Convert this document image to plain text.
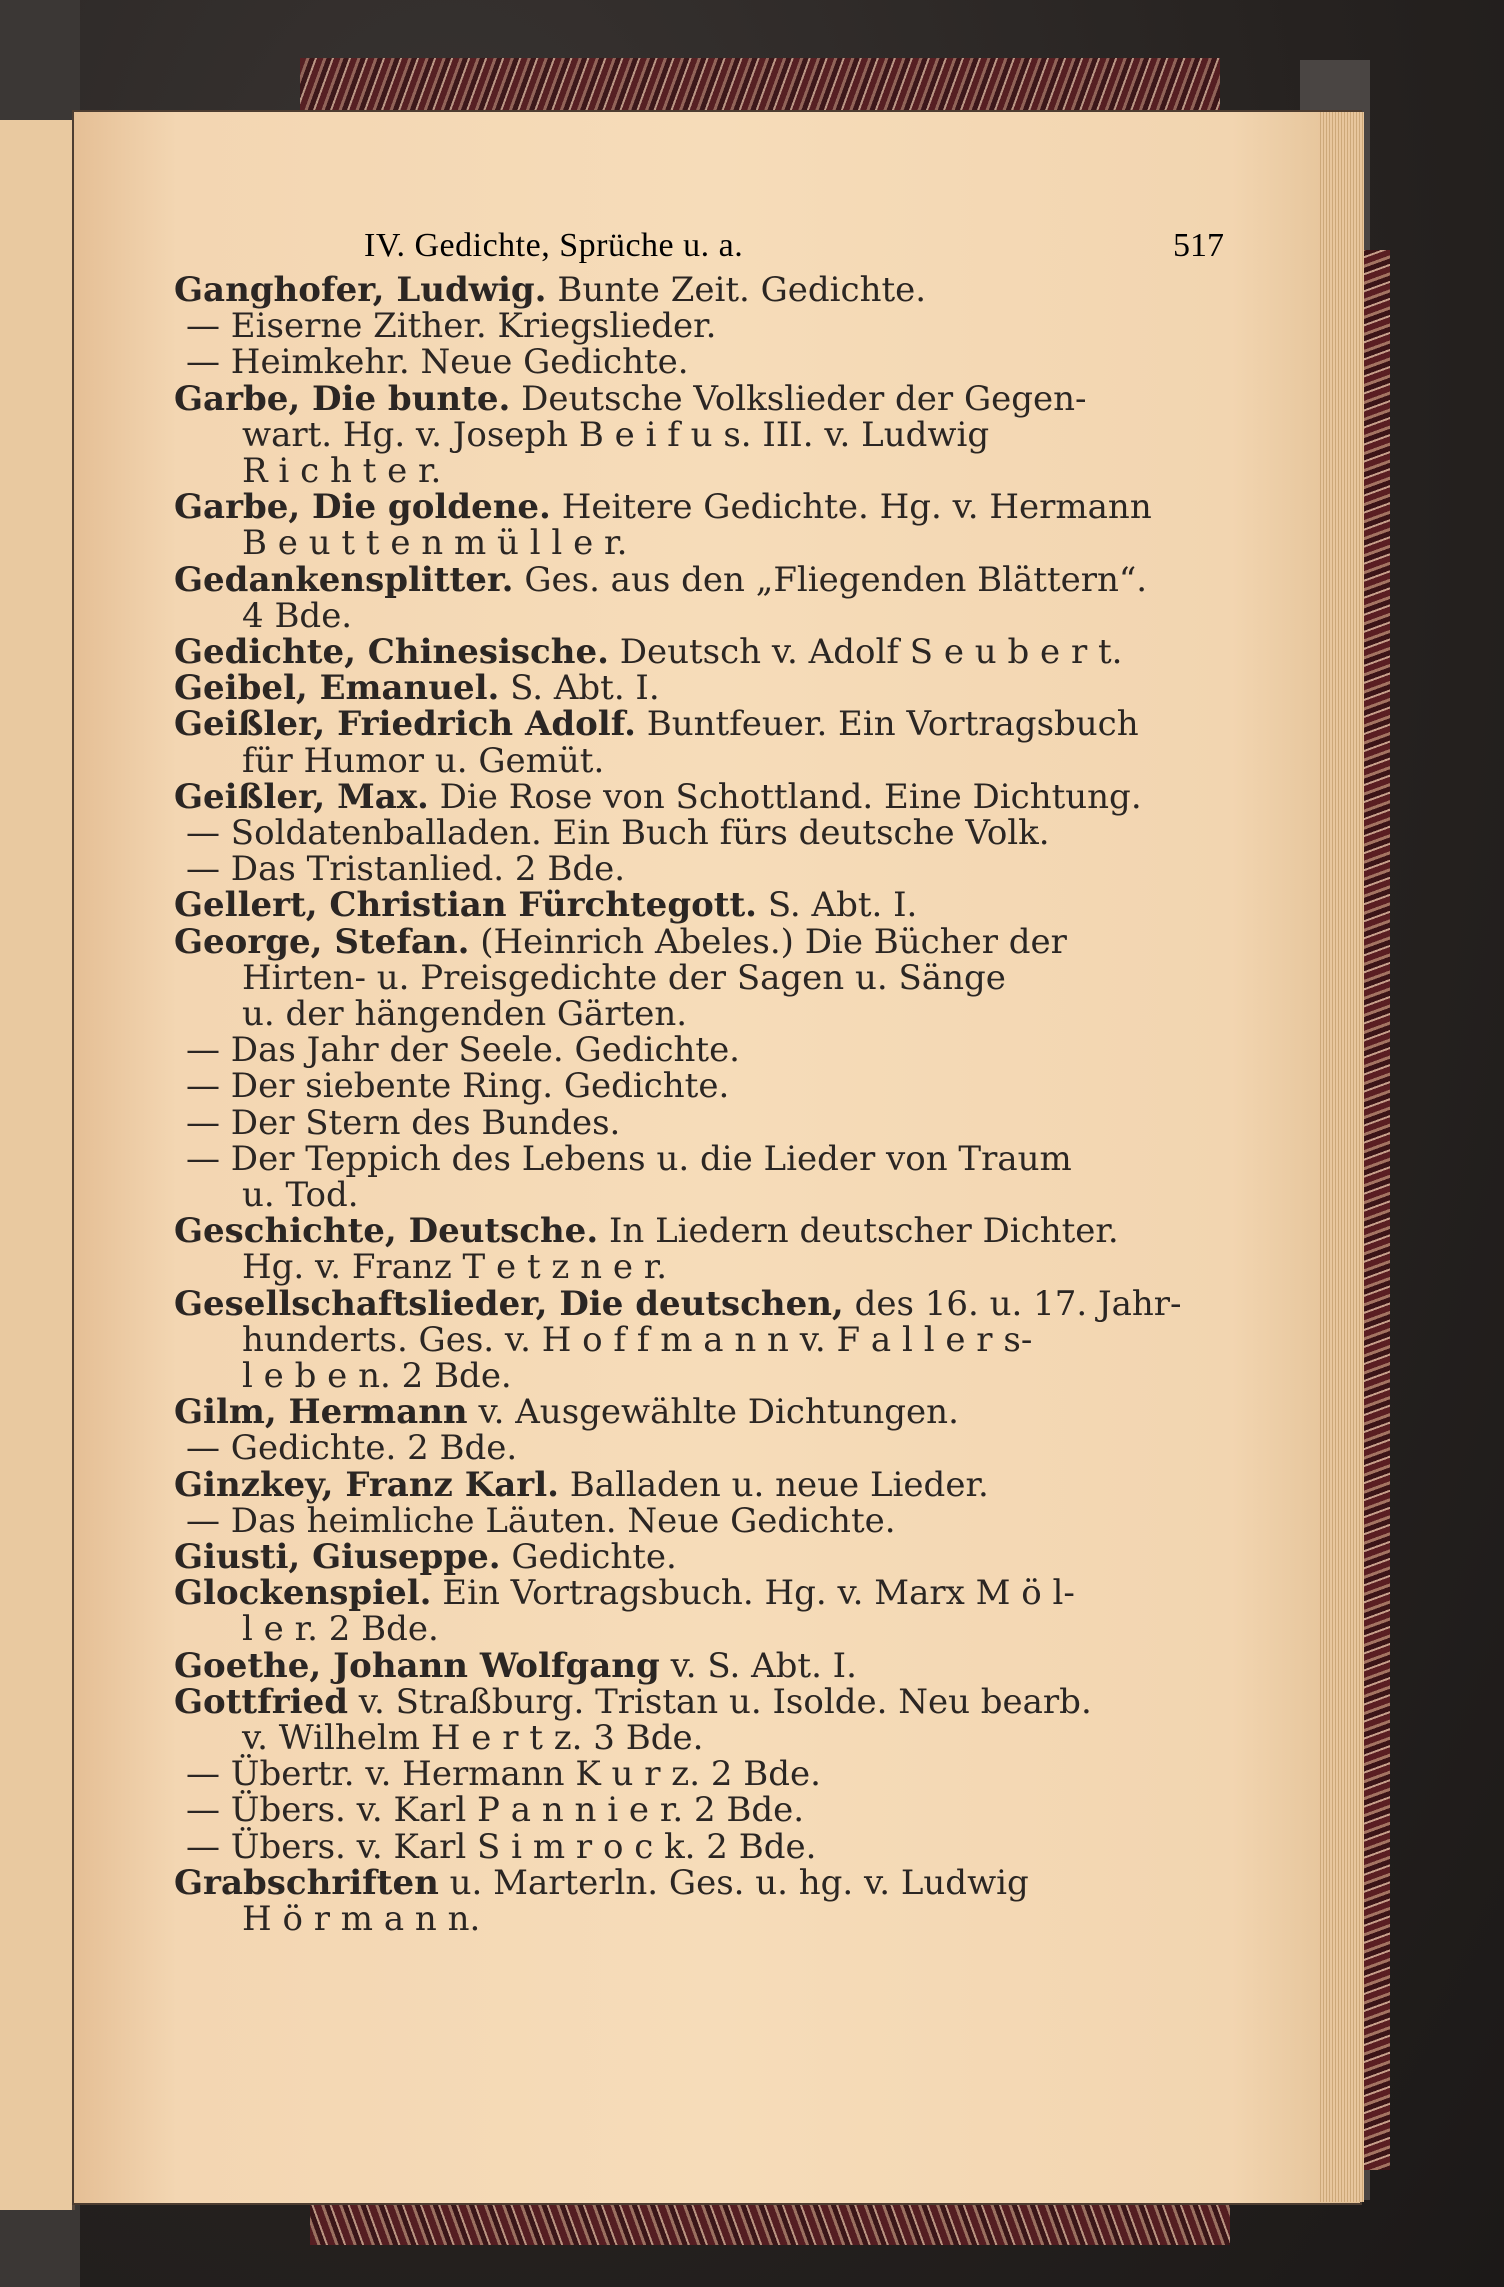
IV. Gedichte, Sprüche u. a.	517
Ganghofer, Ludwig. Bunte Zeit. Gedichte.
— Eiserne Zither. Kriegslieder.
— Heimkehr. Neue Gedichte.
Garbe, Die bunte. Deutsche Volkslieder der Gegen-
wart. Hg. v. Joseph B e i f u s. III. v. Ludwig
R i c h t e r.
Garbe, Die goldene. Heitere Gedichte. Hg. v. Hermann
B e u t t e n m ü l l e r.
Gedankensplitter. Ges. aus den „Fliegenden Blättern“.
4 Bde.
Gedichte, Chinesische. Deutsch v. Adolf S e u b e r t.
Geibel, Emanuel. S. Abt. I.
Geißler, Friedrich Adolf. Buntfeuer. Ein Vortragsbuch
für Humor u. Gemüt.
Geißler, Max. Die Rose von Schottland. Eine Dichtung.
— Soldatenballaden. Ein Buch fürs deutsche Volk.
— Das Tristanlied. 2 Bde.
Gellert, Christian Fürchtegott. S. Abt. I.
George, Stefan. (Heinrich Abeles.) Die Bücher der
Hirten- u. Preisgedichte der Sagen u. Sänge
u. der hängenden Gärten.
— Das Jahr der Seele. Gedichte.
— Der siebente Ring. Gedichte.
— Der Stern des Bundes.
— Der Teppich des Lebens u. die Lieder von Traum
u. Tod.
Geschichte, Deutsche. In Liedern deutscher Dichter.
Hg. v. Franz T e t z n e r.
Gesellschaftslieder, Die deutschen, des 16. u. 17. Jahr-
hunderts. Ges. v. H o f f m a n n v. F a l l e r s-
l e b e n. 2 Bde.
Gilm, Hermann v. Ausgewählte Dichtungen.
— Gedichte. 2 Bde.
Ginzkey, Franz Karl. Balladen u. neue Lieder.
— Das heimliche Läuten. Neue Gedichte.
Giusti, Giuseppe. Gedichte.
Glockenspiel. Ein Vortragsbuch. Hg. v. Marx M ö l-
l e r. 2 Bde.
Goethe, Johann Wolfgang v. S. Abt. I.
Gottfried v. Straßburg. Tristan u. Isolde. Neu bearb.
v. Wilhelm H e r t z. 3 Bde.
— Übertr. v. Hermann K u r z. 2 Bde.
— Übers. v. Karl P a n n i e r. 2 Bde.
— Übers. v. Karl S i m r o c k. 2 Bde.
Grabschriften u. Marterln. Ges. u. hg. v. Ludwig
H ö r m a n n.
